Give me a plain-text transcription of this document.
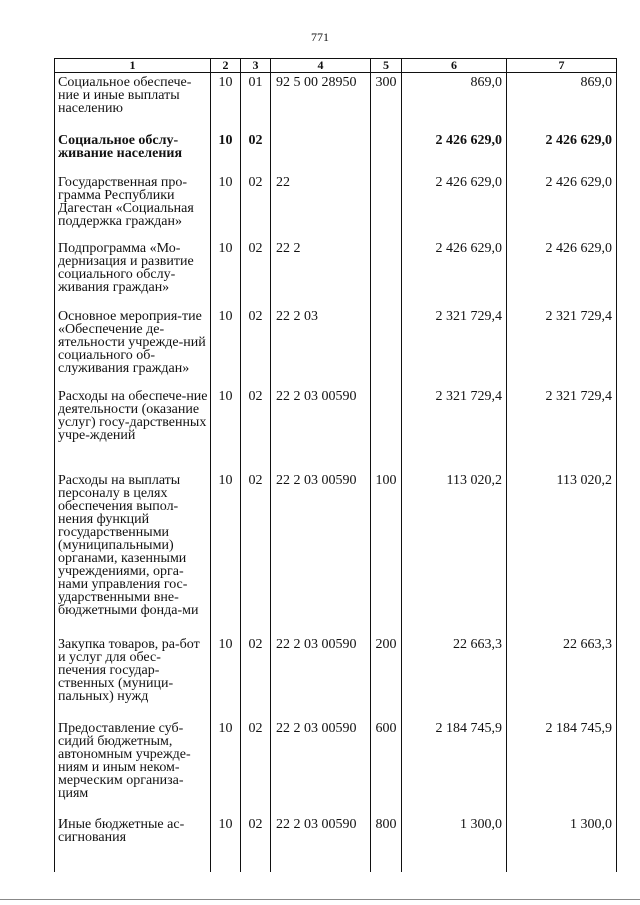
771
1	2	3	4	5	6	7
Социальное обеспече-ние и иные выплаты населению	10	01	92 5 00 28950	300	869,0	869,0
Социальное обслу-живание населения	10	02			2 426 629,0	2 426 629,0
Государственная про-грамма Республики Дагестан «Социальная поддержка граждан»	10	02	22		2 426 629,0	2 426 629,0
Подпрограмма «Мо-дернизация и развитие социального обслу-живания граждан»	10	02	22 2		2 426 629,0	2 426 629,0
Основное мероприя-тие «Обеспечение де-ятельности учрежде-ний социального об-служивания граждан»	10	02	22 2 03		2 321 729,4	2 321 729,4
Расходы на обеспече-ние деятельности (оказание услуг) госу-дарственных учре-ждений	10	02	22 2 03 00590		2 321 729,4	2 321 729,4
Расходы на выплаты персоналу в целях обеспечения выпол-нения функций государственными (муниципальными) органами, казенными учреждениями, орга-нами управления гос-ударственными вне-бюджетными фонда-ми	10	02	22 2 03 00590	100	113 020,2	113 020,2
Закупка товаров, ра-бот и услуг для обес-печения государ-ственных (муници-пальных) нужд	10	02	22 2 03 00590	200	22 663,3	22 663,3
Предоставление суб-сидий бюджетным, автономным учрежде-ниям и иным неком-мерческим организа-циям	10	02	22 2 03 00590	600	2 184 745,9	2 184 745,9
Иные бюджетные ас-сигнования	10	02	22 2 03 00590	800	1 300,0	1 300,0
